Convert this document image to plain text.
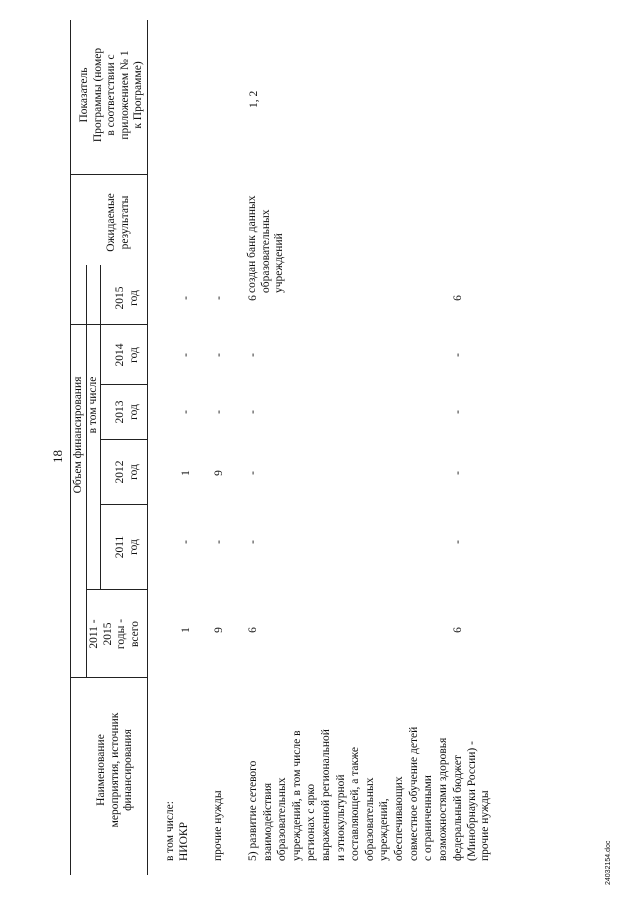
18
Наименование мероприятия, источник финансирования
2011 - 2015 годы - всего
Объем финансирования в том числе
2011 год
2012 год
2013 год
2014 год
2015 год
Ожидаемые результаты
Показатель Программы (номер в соответствии с приложением № 1 к Программе)
в том числе: НИОКР
1
-
1
-
-
-
прочие нужды
9
-
9
-
-
-
5) развитие сетевого взаимодействия образовательных учреждений, в том числе в регионах с ярко выраженной региональной и этнокультурной составляющей, а также образовательных учреждений, обеспечивающих совместное обучение детей с ограниченными возможностями здоровья
6
-
-
-
-
6
создан банк данных образовательных учреждений
1, 2
федеральный бюджет (Минобрнауки России) - прочие нужды
6
-
-
-
-
6
24032154.doc
